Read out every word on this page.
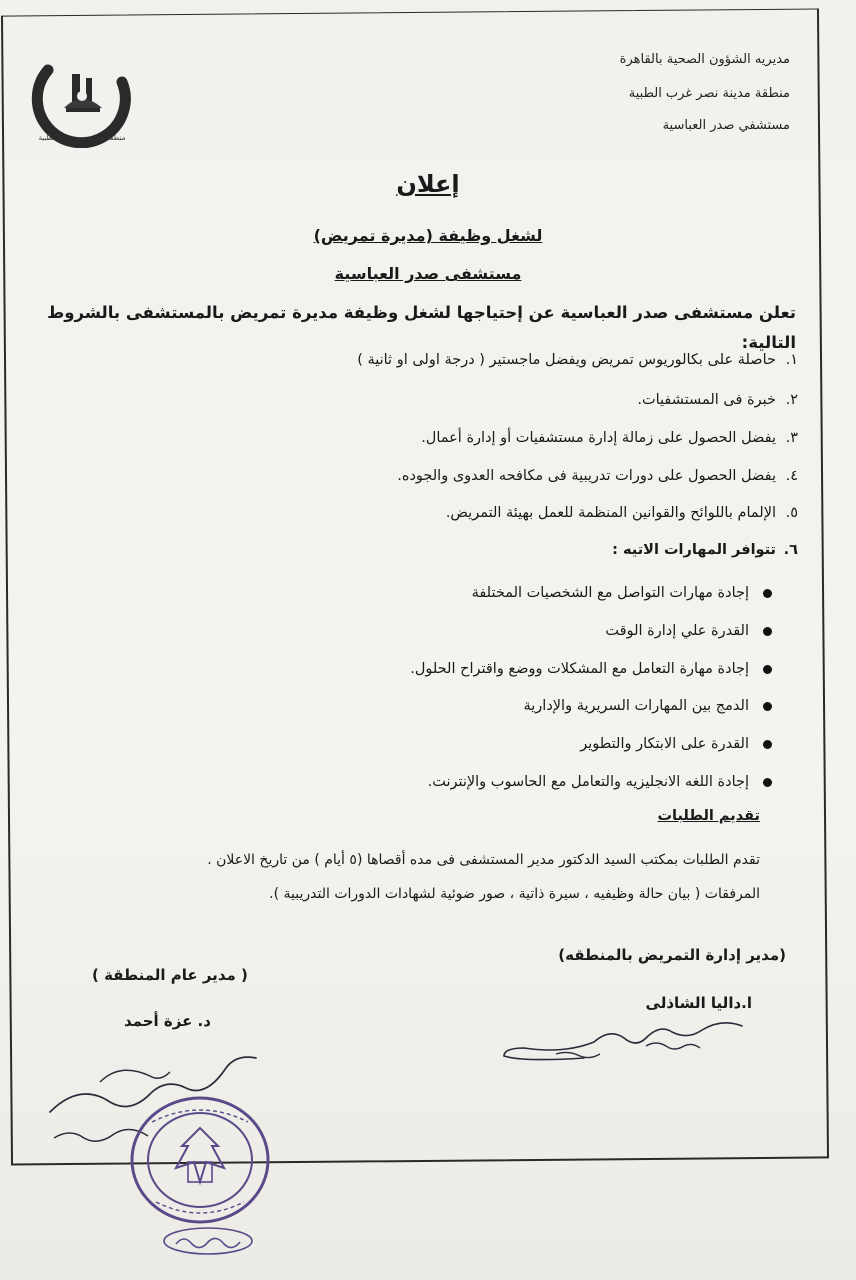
مديريه الشؤون الصحية بالقاهرة
منطقة مدينة نصر غرب الطبية
مستشفي صدر العباسية
منطقة مدينة نصر غرب الطبية
إعلان
لشغل وظيفة (مديرة تمريض)
مستشفى صدر العباسية
تعلن مستشفى صدر العباسية عن إحتياجها لشغل وظيفة مديرة تمريض بالمستشفى بالشروط التالية:
١.حاصلة على بكالوريوس تمريض ويفضل ماجستير ( درجة اولى او ثانية )
٢.خبرة فى المستشفيات.
٣.يفضل الحصول على زمالة إدارة مستشفيات أو إدارة أعمال.
٤.يفضل الحصول على دورات تدريبية فى مكافحه العدوى والجوده.
٥.الإلمام باللوائح والقوانين المنظمة للعمل بهيئة التمريض.
٦.تتوافر المهارات الاتيه :
إجادة مهارات التواصل مع الشخصيات المختلفة
القدرة علي إدارة الوقت
إجادة مهارة التعامل مع المشكلات ووضع واقتراح الحلول.
الدمج بين المهارات السريرية والإدارية
القدرة على الابتكار والتطوير
إجادة اللغه الانجليزيه والتعامل مع الحاسوب والإنترنت.
تقديم الطلبات
تقدم الطلبات بمكتب السيد الدكتور مدير المستشفى فى مده أقصاها (٥ أيام ) من تاريخ الاعلان .
المرفقات ( بيان حالة وظيفيه ، سيرة ذاتية ، صور ضوئية لشهادات الدورات التدريبية ).
(مدير إدارة التمريض بالمنطقه)
ا.داليا الشاذلى
( مدير عام المنطقة )
د. عزة أحمد
